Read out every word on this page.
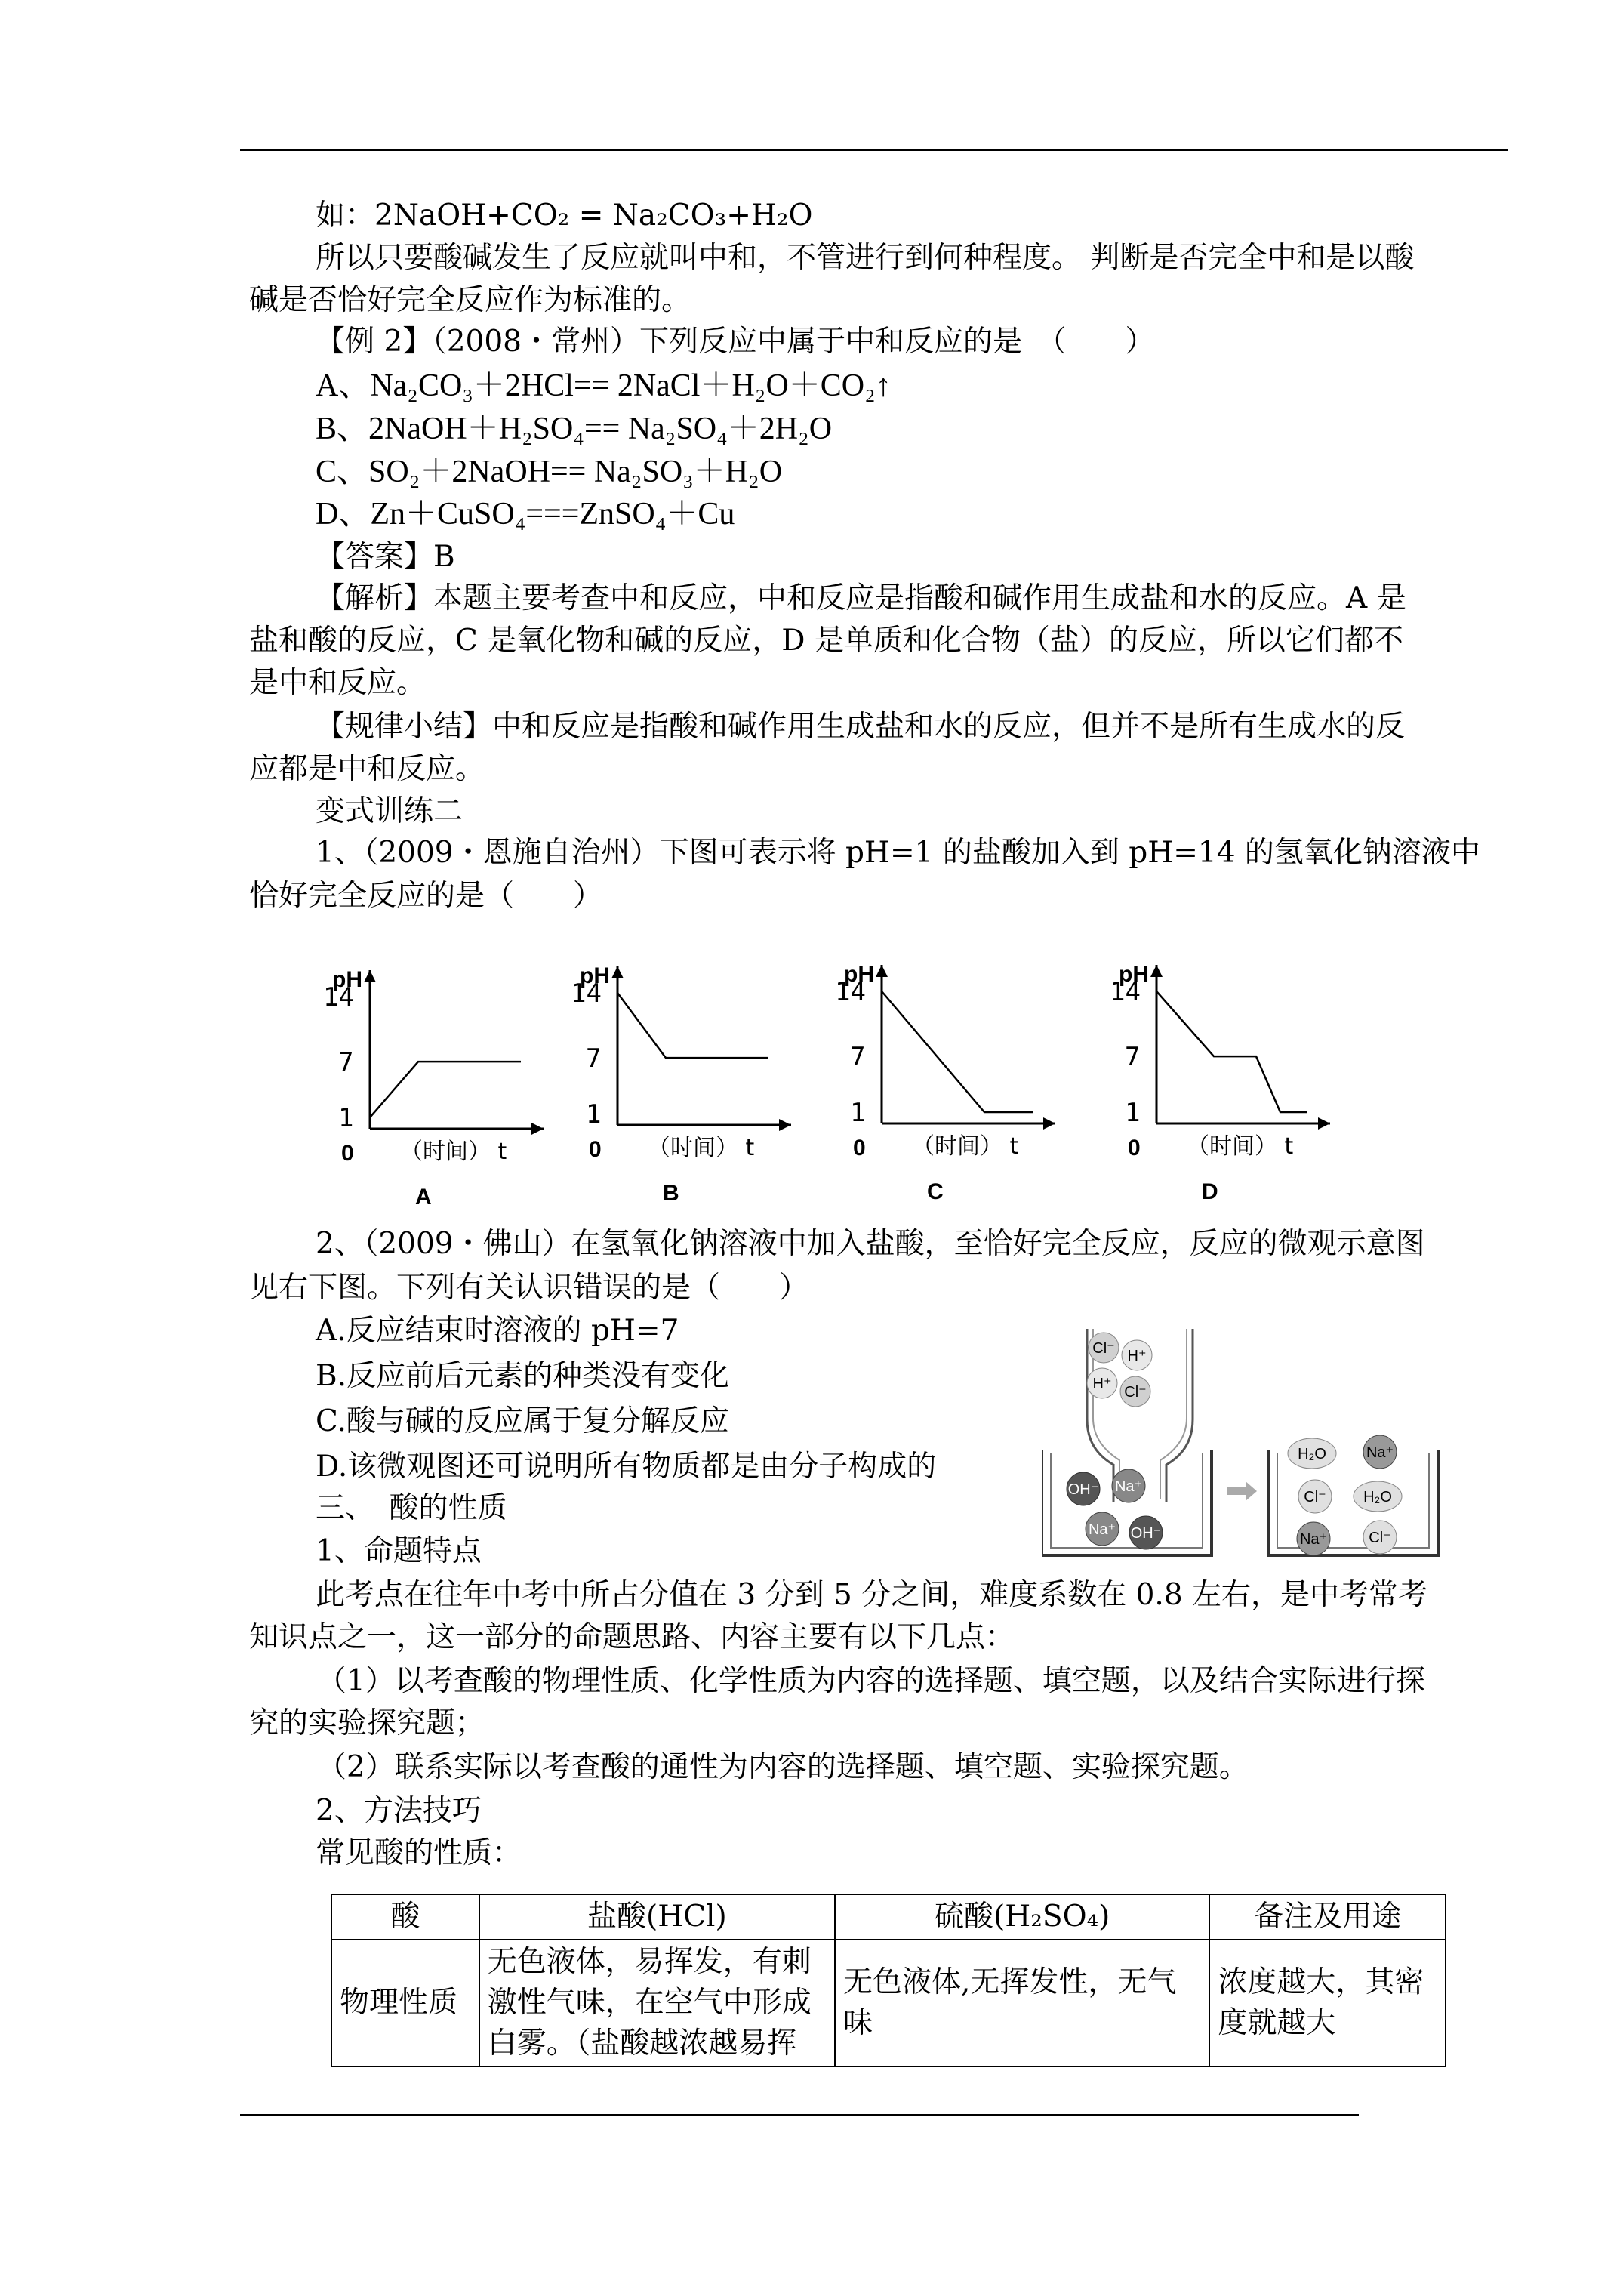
如：2NaOH+CO₂ = Na₂CO₃+H₂O
所以只要酸碱发生了反应就叫中和，不管进行到何种程度。 判断是否完全中和是以酸
碱是否恰好完全反应作为标准的。
【例 2】（2008・常州）下列反应中属于中和反应的是　（　　）
A、Na₂CO₃＋2HCl== 2NaCl＋H₂O＋CO₂↑
B、2NaOH＋H₂SO₄== Na₂SO₄＋2H₂O
C、SO₂＋2NaOH== Na₂SO₃＋H₂O
D、Zn＋CuSO₄===ZnSO₄＋Cu
【答案】B
【解析】本题主要考查中和反应，中和反应是指酸和碱作用生成盐和水的反应。A 是
盐和酸的反应，C 是氧化物和碱的反应，D 是单质和化合物（盐）的反应，所以它们都不
是中和反应。
【规律小结】中和反应是指酸和碱作用生成盐和水的反应，但并不是所有生成水的反
应都是中和反应。
变式训练二
1、（2009・恩施自治州）下图可表示将 pH=1 的盐酸加入到 pH=14 的氢氧化钠溶液中
恰好完全反应的是（　　）
pH
14
7
1
0 （时间） t
A
pH
14
7
1
0 （时间） t
B
pH
14
7
1
0 （时间） t
C
pH
14
7
1
0 （时间） t
D
2、（2009・佛山）在氢氧化钠溶液中加入盐酸，至恰好完全反应，反应的微观示意图
见右下图。下列有关认识错误的是（　　）
A.反应结束时溶液的 pH=7
B.反应前后元素的种类没有变化
C.酸与碱的反应属于复分解反应
D.该微观图还可说明所有物质都是由分子构成的
三、　酸的性质
1、命题特点
此考点在往年中考中所占分值在 3 分到 5 分之间，难度系数在 0.8 左右，是中考常考
知识点之一，这一部分的命题思路、内容主要有以下几点：
（1）以考查酸的物理性质、化学性质为内容的选择题、填空题，以及结合实际进行探
究的实验探究题；
（2）联系实际以考查酸的通性为内容的选择题、填空题、实验探究题。
2、方法技巧
常见酸的性质：
Cl⁻ H⁺
H⁺ Cl⁻
OH⁻ Na⁺
Na⁺ OH⁻
H₂O	Na⁺
Cl⁻ H₂O
Na⁺	Cl⁻
酸	盐酸(HCl)	硫酸(H₂SO₄)	备注及用途
物理性质	无色液体，易挥发，有刺激性气味，在空气中形成白雾。（盐酸越浓越易挥	无色液体,无挥发性，无气味	浓度越大，其密度就越大
